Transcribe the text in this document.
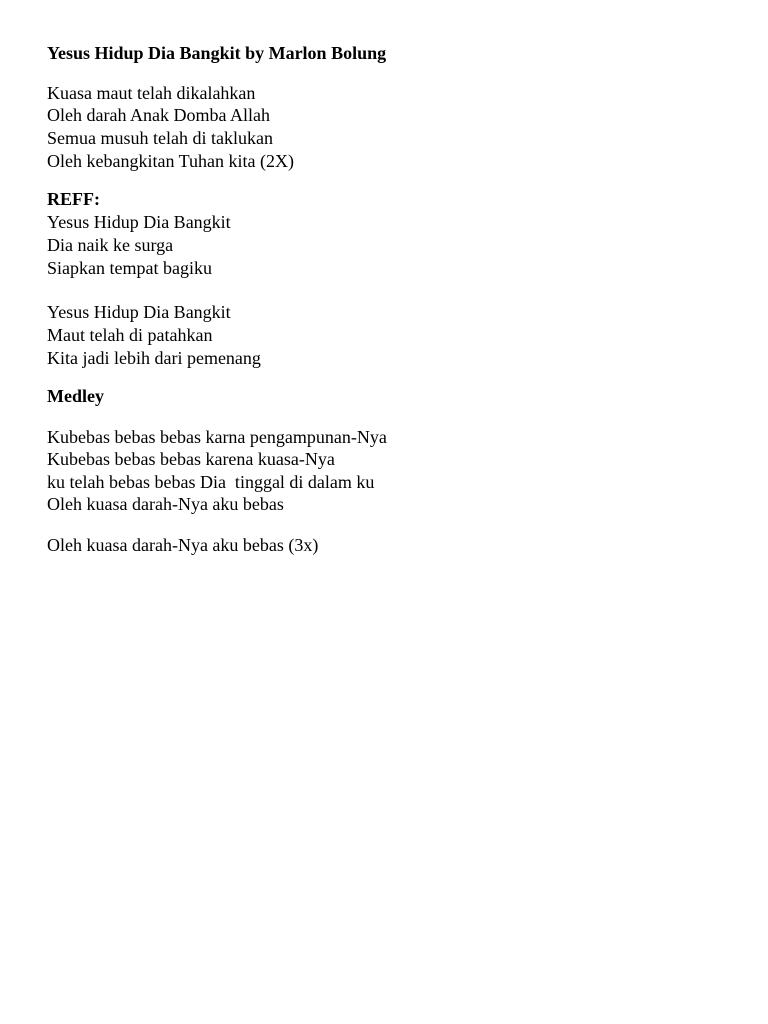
Yesus Hidup Dia Bangkit by Marlon Bolung
Kuasa maut telah dikalahkan
Oleh darah Anak Domba Allah
Semua musuh telah di taklukan
Oleh kebangkitan Tuhan kita (2X)
REFF:
Yesus Hidup Dia Bangkit
Dia naik ke surga
Siapkan tempat bagiku
Yesus Hidup Dia Bangkit
Maut telah di patahkan
Kita jadi lebih dari pemenang
Medley
Kubebas bebas bebas karna pengampunan-Nya
Kubebas bebas bebas karena kuasa-Nya
ku telah bebas bebas Dia  tinggal di dalam ku
Oleh kuasa darah-Nya aku bebas
Oleh kuasa darah-Nya aku bebas (3x)
